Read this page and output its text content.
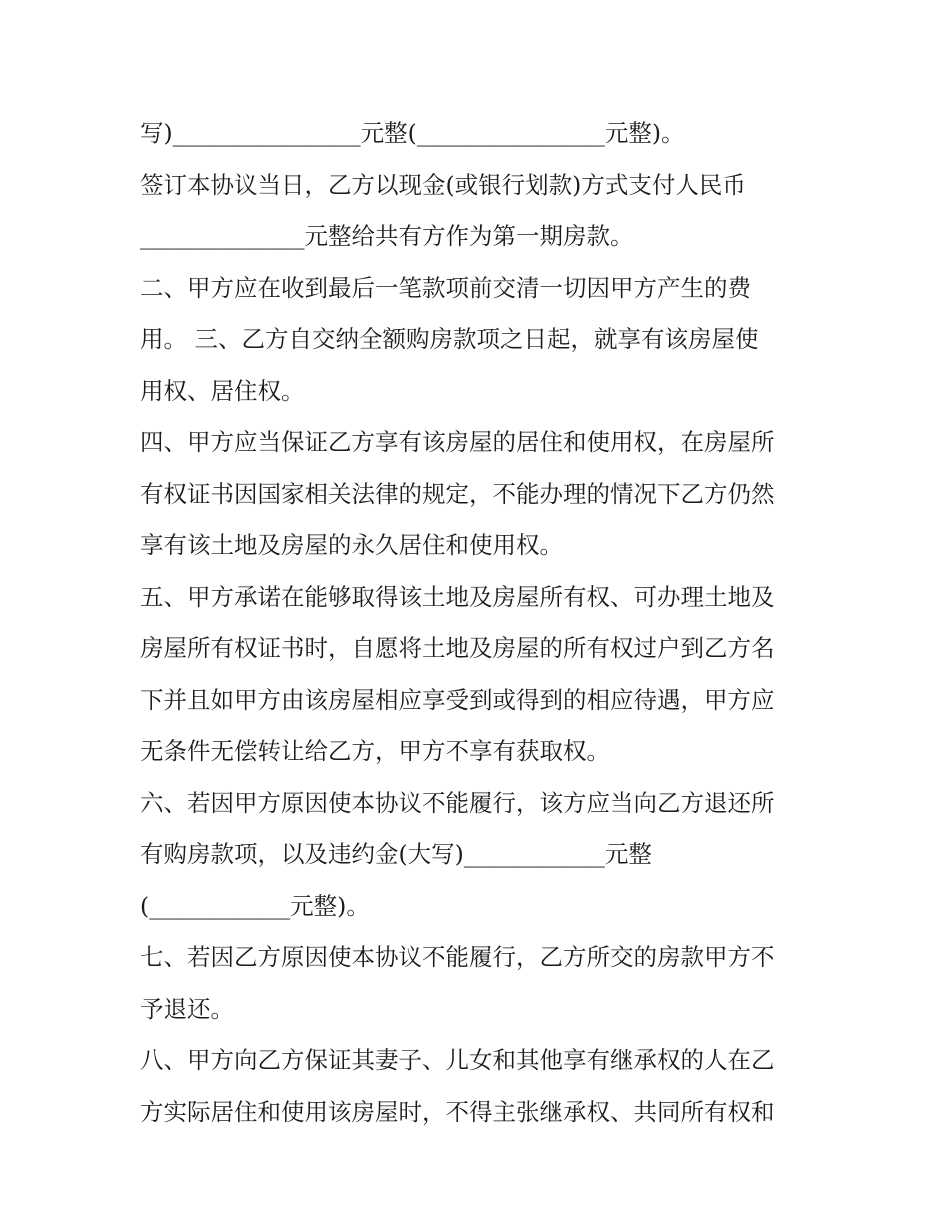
写)________________元整(________________元整)。
签订本协议当日，乙方以现金(或银行划款)方式支付人民币
______________元整给共有方作为第一期房款。
二、甲方应在收到最后一笔款项前交清一切因甲方产生的费
用。 三、乙方自交纳全额购房款项之日起，就享有该房屋使
用权、居住权。
四、甲方应当保证乙方享有该房屋的居住和使用权，在房屋所
有权证书因国家相关法律的规定，不能办理的情况下乙方仍然
享有该土地及房屋的永久居住和使用权。
五、甲方承诺在能够取得该土地及房屋所有权、可办理土地及
房屋所有权证书时，自愿将土地及房屋的所有权过户到乙方名
下并且如甲方由该房屋相应享受到或得到的相应待遇，甲方应
无条件无偿转让给乙方，甲方不享有获取权。
六、若因甲方原因使本协议不能履行，该方应当向乙方退还所
有购房款项，以及违约金(大写)____________元整
(____________元整)。
七、若因乙方原因使本协议不能履行，乙方所交的房款甲方不
予退还。
八、甲方向乙方保证其妻子、儿女和其他享有继承权的人在乙
方实际居住和使用该房屋时，不得主张继承权、共同所有权和
